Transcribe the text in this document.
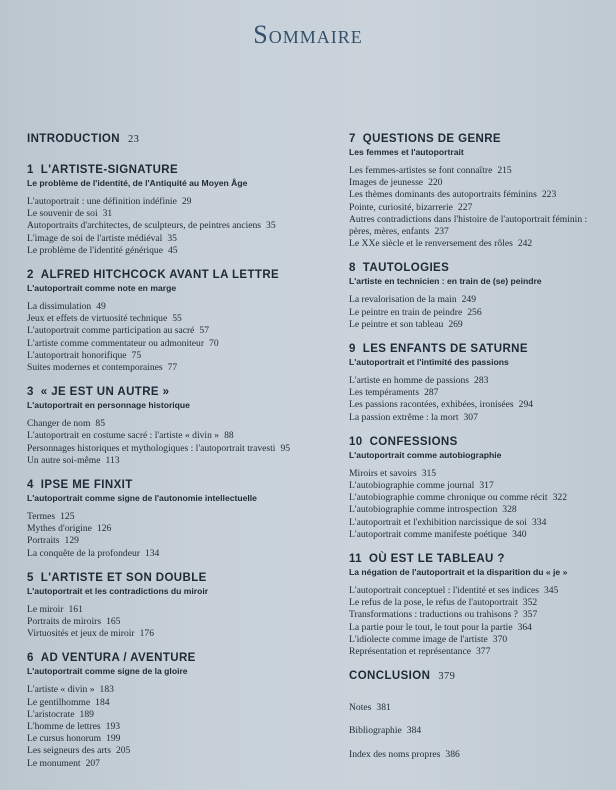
Sommaire
INTRODUCTION 23
1 L'ARTISTE-SIGNATURE
Le problème de l'identité, de l'Antiquité au Moyen Âge
L'autoportrait : une définition indéfinie 29
Le souvenir de soi 31
Autoportraits d'architectes, de sculpteurs, de peintres anciens 35
L'image de soi de l'artiste médiéval 35
Le problème de l'identité générique 45
2 ALFRED HITCHCOCK AVANT LA LETTRE
L'autoportrait comme note en marge
La dissimulation 49
Jeux et effets de virtuosité technique 55
L'autoportrait comme participation au sacré 57
L'artiste comme commentateur ou admoniteur 70
L'autoportrait honorifique 75
Suites modernes et contemporaines 77
3 « JE EST UN AUTRE »
L'autoportrait en personnage historique
Changer de nom 85
L'autoportrait en costume sacré : l'artiste « divin » 88
Personnages historiques et mythologiques : l'autoportrait travesti 95
Un autre soi-même 113
4 IPSE ME FINXIT
L'autoportrait comme signe de l'autonomie intellectuelle
Termes 125
Mythes d'origine 126
Portraits 129
La conquête de la profondeur 134
5 L'ARTISTE ET SON DOUBLE
L'autoportrait et les contradictions du miroir
Le miroir 161
Portraits de miroirs 165
Virtuosités et jeux de miroir 176
6 AD VENTURA / AVENTURE
L'autoportrait comme signe de la gloire
L'artiste « divin » 183
Le gentilhomme 184
L'aristocrate 189
L'homme de lettres 193
Le cursus honorum 199
Les seigneurs des arts 205
Le monument 207
7 QUESTIONS DE GENRE
Les femmes et l'autoportrait
Les femmes-artistes se font connaître 215
Images de jeunesse 220
Les thèmes dominants des autoportraits féminins 223
Pointe, curiosité, bizarrerie 227
Autres contradictions dans l'histoire de l'autoportrait féminin :
pères, mères, enfants 237
Le XXe siècle et le renversement des rôles 242
8 TAUTOLOGIES
L'artiste en technicien : en train de (se) peindre
La revalorisation de la main 249
Le peintre en train de peindre 256
Le peintre et son tableau 269
9 LES ENFANTS DE SATURNE
L'autoportrait et l'intimité des passions
L'artiste en homme de passions 283
Les tempéraments 287
Les passions racontées, exhibées, ironisées 294
La passion extrême : la mort 307
10 CONFESSIONS
L'autoportrait comme autobiographie
Miroirs et savoirs 315
L'autobiographie comme journal 317
L'autobiographie comme chronique ou comme récit 322
L'autobiographie comme introspection 328
L'autoportrait et l'exhibition narcissique de soi 334
L'autoportrait comme manifeste poétique 340
11 OÙ EST LE TABLEAU ?
La négation de l'autoportrait et la disparition du « je »
L'autoportrait conceptuel : l'identité et ses indices 345
Le refus de la pose, le refus de l'autoportrait 352
Transformations : traductions ou trahisons ? 357
La partie pour le tout, le tout pour la partie 364
L'idiolecte comme image de l'artiste 370
Représentation et représentance 377
CONCLUSION 379
Notes 381
Bibliographie 384
Index des noms propres 386
